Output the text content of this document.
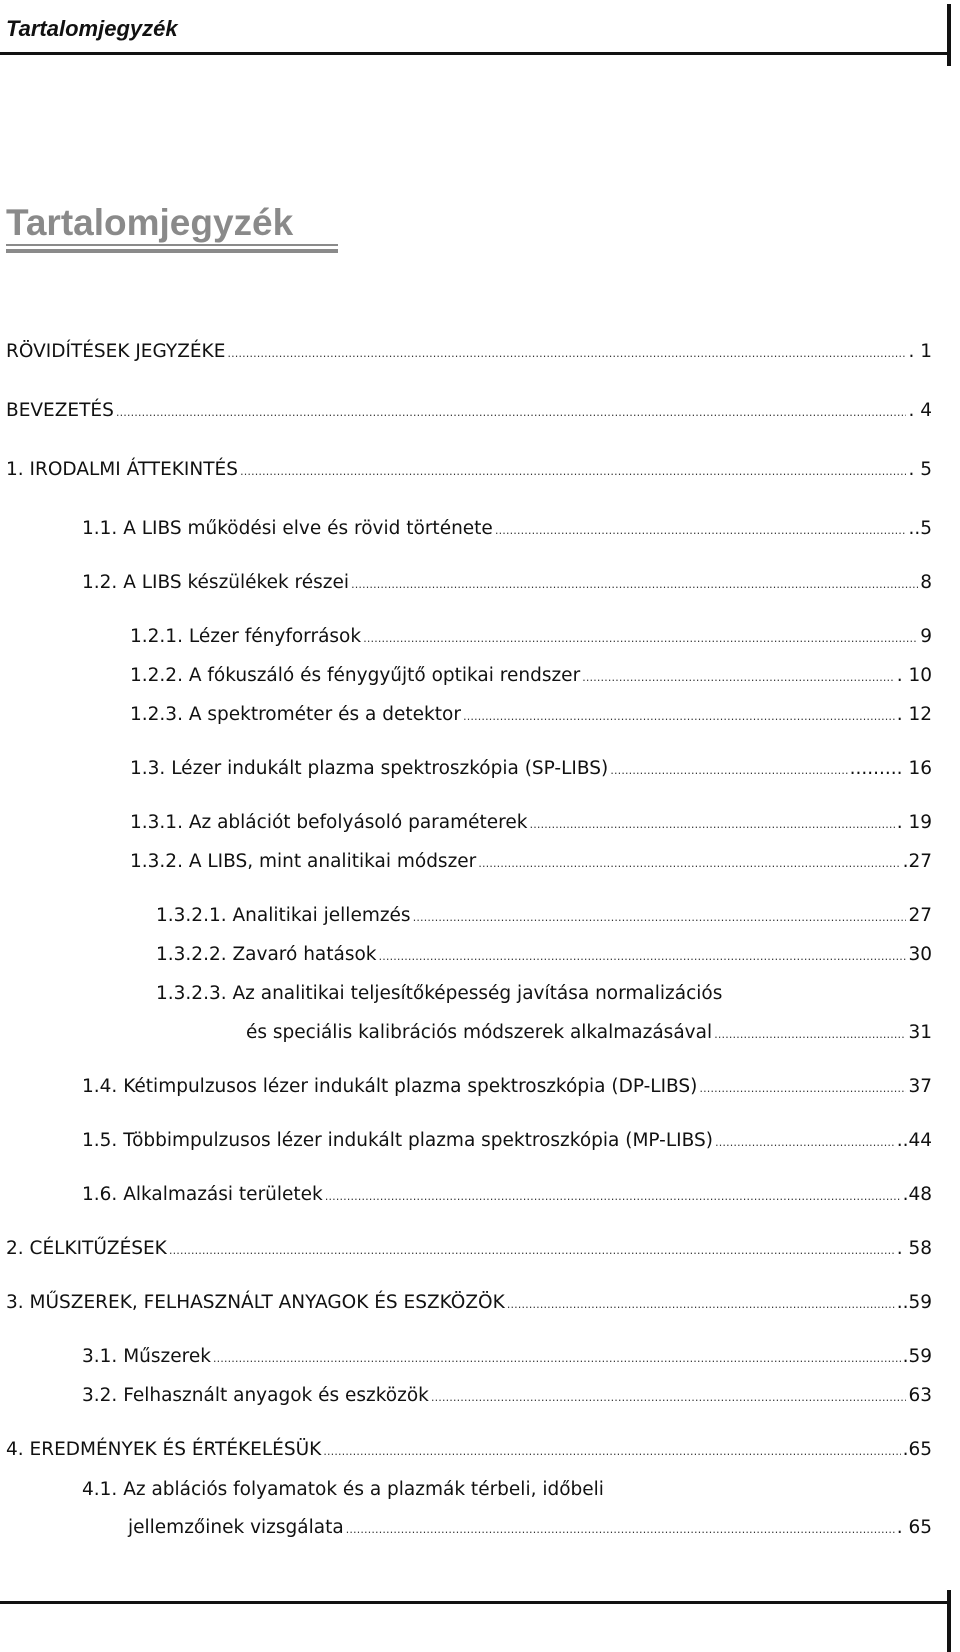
Tartalomjegyzék
Tartalomjegyzék
RÖVIDÍTÉSEK JEGYZÉKE …………………………………………………………………………………………………………………………………………………………………………………………………………………………………	. 1
BEVEZETÉS …………………………………………………………………………………………………………………………………………………………………………………………………………………………………	. 4
1. IRODALMI ÁTTEKINTÉS …………………………………………………………………………………………………………………………………………………………………………………………………………………………………	. 5
1.1. A LIBS működési elve és rövid története …………………………………………………………………………………………………………………………………………………………………………………………………………………………………	..5
1.2. A LIBS készülékek részei …………………………………………………………………………………………………………………………………………………………………………………………………………………………………	8
1.2.1. Lézer fényforrások …………………………………………………………………………………………………………………………………………………………………………………………………………………………………	9
1.2.2. A fókuszáló és fénygyűjtő optikai rendszer …………………………………………………………………………………………………………………………………………………………………………………………………………………………………	. 10
1.2.3. A spektrométer és a detektor …………………………………………………………………………………………………………………………………………………………………………………………………………………………………	. 12
1.3. Lézer indukált plazma spektroszkópia (SP-LIBS) …………………………………………………………………………………………………………………………………………………………………………………………………………………………………	......... 16
1.3.1. Az ablációt befolyásoló paraméterek …………………………………………………………………………………………………………………………………………………………………………………………………………………………………	. 19
1.3.2. A LIBS, mint analitikai módszer …………………………………………………………………………………………………………………………………………………………………………………………………………………………………	.27
1.3.2.1. Analitikai jellemzés …………………………………………………………………………………………………………………………………………………………………………………………………………………………………	27
1.3.2.2. Zavaró hatások …………………………………………………………………………………………………………………………………………………………………………………………………………………………………	30
1.3.2.3. Az analitikai teljesítőképesség javítása normalizációs
és speciális kalibrációs módszerek alkalmazásával …………………………………………………………………………………………………………………………………………………………………………………………………………………………………	31
1.4. Kétimpulzusos lézer indukált plazma spektroszkópia (DP-LIBS) …………………………………………………………………………………………………………………………………………………………………………………………………………………………………	37
1.5. Többimpulzusos lézer indukált plazma spektroszkópia (MP-LIBS) …………………………………………………………………………………………………………………………………………………………………………………………………………………………………	..44
1.6. Alkalmazási területek …………………………………………………………………………………………………………………………………………………………………………………………………………………………………	.48
2. CÉLKITŰZÉSEK …………………………………………………………………………………………………………………………………………………………………………………………………………………………………	. 58
3. MŰSZEREK, FELHASZNÁLT ANYAGOK ÉS ESZKÖZÖK …………………………………………………………………………………………………………………………………………………………………………………………………………………………………	..59
3.1. Műszerek …………………………………………………………………………………………………………………………………………………………………………………………………………………………………	.59
3.2. Felhasznált anyagok és eszközök …………………………………………………………………………………………………………………………………………………………………………………………………………………………………	63
4. EREDMÉNYEK ÉS ÉRTÉKELÉSÜK …………………………………………………………………………………………………………………………………………………………………………………………………………………………………	.65
4.1. Az ablációs folyamatok és a plazmák térbeli, időbeli
jellemzőinek vizsgálata …………………………………………………………………………………………………………………………………………………………………………………………………………………………………	. 65
